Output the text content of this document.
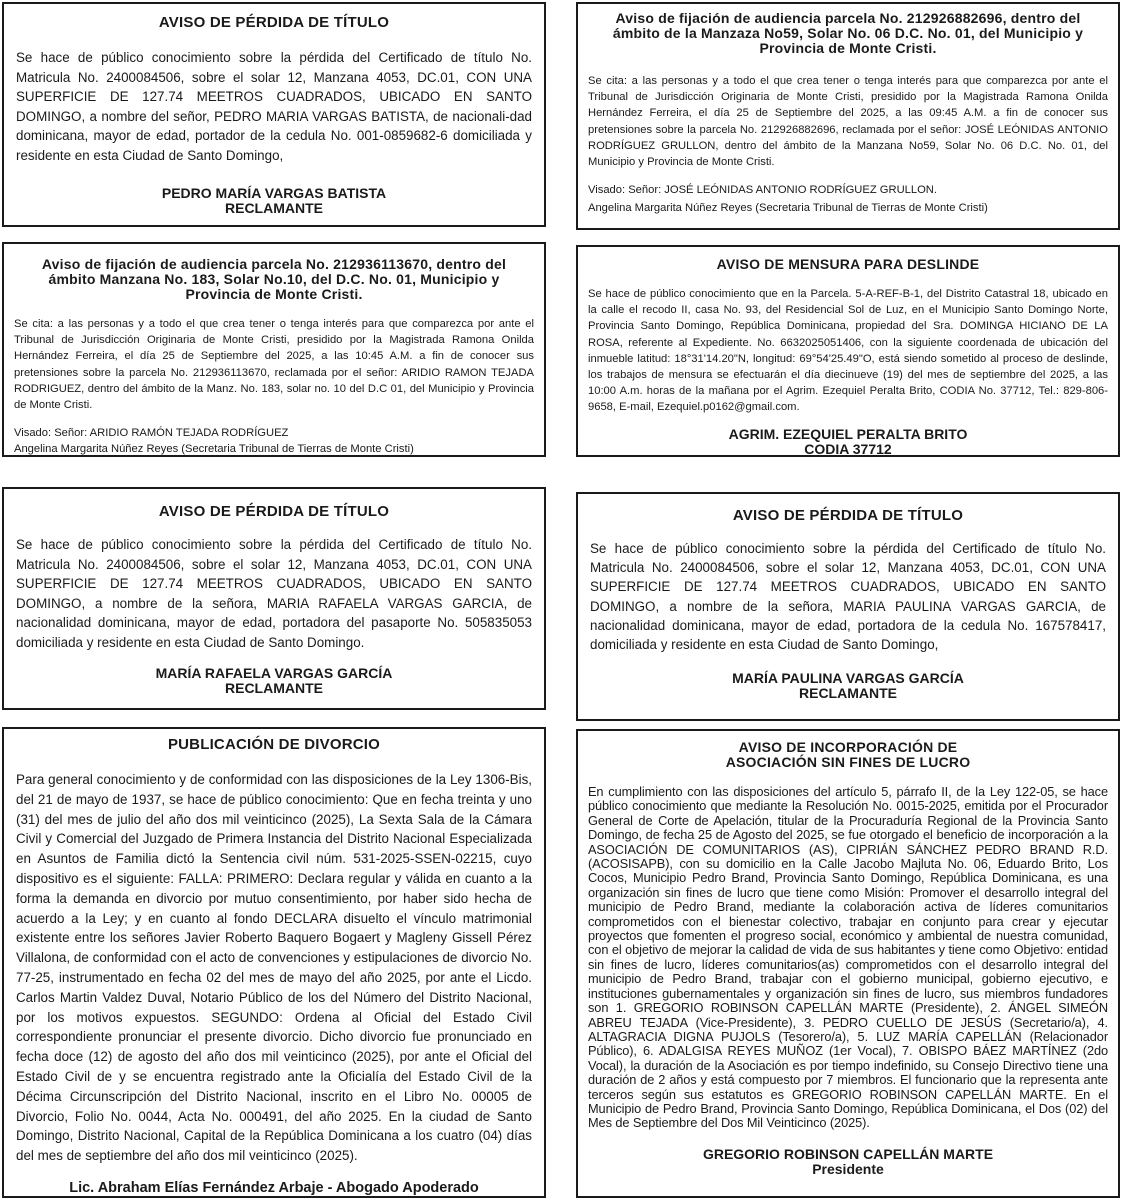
AVISO DE PÉRDIDA DE TÍTULO

Se hace de público conocimiento sobre la pérdida del Certificado de título No. Matricula No. 2400084506, sobre el solar 12, Manzana 4053, DC.01, CON UNA SUPERFICIE DE 127.74 MEETROS CUADRADOS, UBICADO EN SANTO DOMINGO, a nombre del señor, PEDRO MARIA VARGAS BATISTA, de nacionali-dad dominicana, mayor de edad, portador de la cedula No. 001-0859682-6 domiciliada y residente en esta Ciudad de Santo Domingo,

PEDRO MARÍA VARGAS BATISTA

RECLAMANTE

Aviso de fijación de audiencia parcela No. 212926882696, dentro del ámbito de la Manzaza No59, Solar No. 06 D.C. No. 01, del Municipio y Provincia de Monte Cristi.

Se cita: a las personas y a todo el que crea tener o tenga interés para que comparezca por ante el Tribunal de Jurisdicción Originaria de Monte Cristi, presidido por la Magistrada Ramona Onilda Hernández Ferreira, el día 25 de Septiembre del 2025, a las 09:45 A.M. a fin de conocer sus pretensiones sobre la parcela No. 212926882696, reclamada por el señor: JOSÉ LEÓNIDAS ANTONIO RODRÍGUEZ GRULLON, dentro del ámbito de la Manzana No59, Solar No. 06 D.C. No. 01, del Municipio y Provincia de Monte Cristi.

Visado: Señor: JOSÉ LEÓNIDAS ANTONIO RODRÍGUEZ GRULLON.

Angelina Margarita Núñez Reyes (Secretaria Tribunal de Tierras de Monte Cristi)

Aviso de fijación de audiencia parcela No. 212936113670, dentro del ámbito Manzana No. 183, Solar No.10, del D.C. No. 01, Municipio y Provincia de Monte Cristi.

Se cita: a las personas y a todo el que crea tener o tenga interés para que comparezca por ante el Tribunal de Jurisdicción Originaria de Monte Cristi, presidido por la Magistrada Ramona Onilda Hernández Ferreira, el día 25 de Septiembre del 2025, a las 10:45 A.M. a fin de conocer sus pretensiones sobre la parcela No. 212936113670, reclamada por el señor: ARIDIO RAMON TEJADA RODRIGUEZ, dentro del ámbito de la Manz. No. 183, solar no. 10 del D.C 01, del Municipio y Provincia de Monte Cristi.

Visado: Señor: ARIDIO RAMÓN TEJADA RODRÍGUEZ

Angelina Margarita Núñez Reyes (Secretaria Tribunal de Tierras de Monte Cristi)

AVISO DE MENSURA PARA DESLINDE

Se hace de público conocimiento que en la Parcela. 5-A-REF-B-1, del Distrito Catastral 18, ubicado en la calle el recodo II, casa No. 93, del Residencial Sol de Luz, en el Municipio Santo Domingo Norte, Provincia Santo Domingo, República Dominicana, propiedad del Sra. DOMINGA HICIANO DE LA ROSA, referente al Expediente. No. 6632025051406, con la siguiente coordenada de ubicación del inmueble latitud: 18°31'14.20"N, longitud: 69°54'25.49"O, está siendo sometido al proceso de deslinde, los trabajos de mensura se efectuarán el día diecinueve (19) del mes de septiembre del 2025, a las 10:00 A.m. horas de la mañana por el Agrim. Ezequiel Peralta Brito, CODIA No. 37712, Tel.: 829-806-9658, E-mail, Ezequiel.p0162@gmail.com.

AGRIM. EZEQUIEL PERALTA BRITO

CODIA 37712

AVISO DE PÉRDIDA DE TÍTULO

Se hace de público conocimiento sobre la pérdida del Certificado de título No. Matricula No. 2400084506, sobre el solar 12, Manzana 4053, DC.01, CON UNA SUPERFICIE DE 127.74 MEETROS CUADRADOS, UBICADO EN SANTO DOMINGO, a nombre de la señora, MARIA RAFAELA VARGAS GARCIA, de nacionalidad dominicana, mayor de edad, portadora del pasaporte No. 505835053 domiciliada y residente en esta Ciudad de Santo Domingo.

MARÍA RAFAELA VARGAS GARCÍA

RECLAMANTE

AVISO DE PÉRDIDA DE TÍTULO

Se hace de público conocimiento sobre la pérdida del Certificado de título No. Matricula No. 2400084506, sobre el solar 12, Manzana 4053, DC.01, CON UNA SUPERFICIE DE 127.74 MEETROS CUADRADOS, UBICADO EN SANTO DOMINGO, a nombre de la señora, MARIA PAULINA VARGAS GARCIA, de nacionalidad dominicana, mayor de edad, portadora de la cedula No. 167578417, domiciliada y residente en esta Ciudad de Santo Domingo,

MARÍA PAULINA VARGAS GARCÍA

RECLAMANTE

PUBLICACIÓN DE DIVORCIO

Para general conocimiento y de conformidad con las disposiciones de la Ley 1306-Bis, del 21 de mayo de 1937, se hace de público conocimiento: Que en fecha treinta y uno (31) del mes de julio del año dos mil veinticinco (2025), La Sexta Sala de la Cámara Civil y Comercial del Juzgado de Primera Instancia del Distrito Nacional Especializada en Asuntos de Familia dictó la Sentencia civil núm. 531-2025-SSEN-02215, cuyo dispositivo es el siguiente: FALLA: PRIMERO: Declara regular y válida en cuanto a la forma la demanda en divorcio por mutuo consentimiento, por haber sido hecha de acuerdo a la Ley; y en cuanto al fondo DECLARA disuelto el vínculo matrimonial existente entre los señores Javier Roberto Baquero Bogaert y Magleny Gissell Pérez Villalona, de conformidad con el acto de convenciones y estipulaciones de divorcio No. 77-25, instrumentado en fecha 02 del mes de mayo del año 2025, por ante el Licdo. Carlos Martin Valdez Duval, Notario Público de los del Número del Distrito Nacional, por los motivos expuestos. SEGUNDO: Ordena al Oficial del Estado Civil correspondiente pronunciar el presente divorcio. Dicho divorcio fue pronunciado en fecha doce (12) de agosto del año dos mil veinticinco (2025), por ante el Oficial del Estado Civil de y se encuentra registrado ante la Oficialía del Estado Civil de la Décima Circunscripción del Distrito Nacional, inscrito en el Libro No. 00005 de Divorcio, Folio No. 0044, Acta No. 000491, del año 2025. En la ciudad de Santo Domingo, Distrito Nacional, Capital de la República Dominicana a los cuatro (04) días del mes de septiembre del año dos mil veinticinco (2025).

Lic. Abraham Elías Fernández Arbaje - Abogado Apoderado

AVISO DE INCORPORACIÓN DE

ASOCIACIÓN SIN FINES DE LUCRO

En cumplimiento con las disposiciones del artículo 5, párrafo II, de la Ley 122-05, se hace público conocimiento que mediante la Resolución No. 0015-2025, emitida por el Procurador General de Corte de Apelación, titular de la Procuraduría Regional de la Provincia Santo Domingo, de fecha 25 de Agosto del 2025, se fue otorgado el beneficio de incorporación a la ASOCIACIÓN DE COMUNITARIOS (AS), CIPRIÁN SÁNCHEZ PEDRO BRAND R.D. (ACOSISAPB), con su domicilio en la Calle Jacobo Majluta No. 06, Eduardo Brito, Los Cocos, Municipio Pedro Brand, Provincia Santo Domingo, República Dominicana, es una organización sin fines de lucro que tiene como Misión: Promover el desarrollo integral del municipio de Pedro Brand, mediante la colaboración activa de líderes comunitarios comprometidos con el bienestar colectivo, trabajar en conjunto para crear y ejecutar proyectos que fomenten el progreso social, económico y ambiental de nuestra comunidad, con el objetivo de mejorar la calidad de vida de sus habitantes y tiene como Objetivo: entidad sin fines de lucro, líderes comunitarios(as) comprometidos con el desarrollo integral del municipio de Pedro Brand, trabajar con el gobierno municipal, gobierno ejecutivo, e instituciones gubernamentales y organización sin fines de lucro, sus miembros fundadores son 1. GREGORIO ROBINSON CAPELLÁN MARTE (Presidente), 2. ÁNGEL SIMEÓN ABREU TEJADA (Vice-Presidente), 3. PEDRO CUELLO DE JESÚS (Secretario/a), 4. ALTAGRACIA DIGNA PUJOLS (Tesorero/a), 5. LUZ MARÍA CAPELLÁN (Relacionador Público), 6. ADALGISA REYES MUÑOZ (1er Vocal), 7. OBISPO BÁEZ MARTÍNEZ (2do Vocal), la duración de la Asociación es por tiempo indefinido, su Consejo Directivo tiene una duración de 2 años y está compuesto por 7 miembros. El funcionario que la representa ante terceros según sus estatutos es GREGORIO ROBINSON CAPELLÁN MARTE. En el Municipio de Pedro Brand, Provincia Santo Domingo, República Dominicana, el Dos (02) del Mes de Septiembre del Dos Mil Veinticinco (2025).

GREGORIO ROBINSON CAPELLÁN MARTE

Presidente
